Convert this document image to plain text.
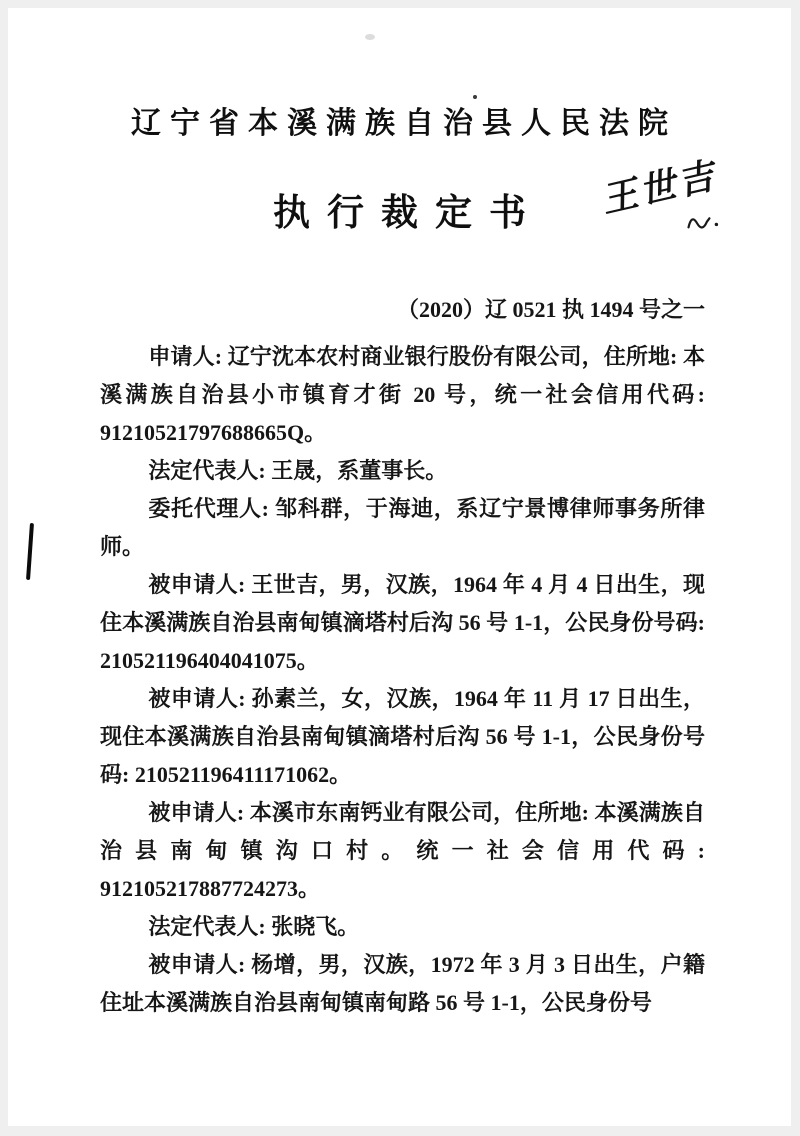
辽宁省本溪满族自治县人民法院
执行裁定书
（2020）辽 0521 执 1494 号之一

申请人: 辽宁沈本农村商业银行股份有限公司，住所地: 本溪满族自治县小市镇育才街 20 号，统一社会信用代码: 91210521797688665Q。

法定代表人: 王晟，系董事长。

委托代理人: 邹科群，于海迪，系辽宁景博律师事务所律师。

被申请人: 王世吉，男，汉族，1964 年 4 月 4 日出生，现住本溪满族自治县南甸镇滴塔村后沟 56 号 1-1，公民身份号码: 210521196404041075。

被申请人: 孙素兰，女，汉族，1964 年 11 月 17 日出生，现住本溪满族自治县南甸镇滴塔村后沟 56 号 1-1，公民身份号码: 210521196411171062。

被申请人: 本溪市东南钙业有限公司，住所地: 本溪满族自治县南甸镇沟口村。统一社会信用代码: 912105217887724273。

法定代表人: 张晓飞。

被申请人: 杨增，男，汉族，1972 年 3 月 3 日出生，户籍住址本溪满族自治县南甸镇南甸路 56 号 1-1，公民身份号

王世吉
